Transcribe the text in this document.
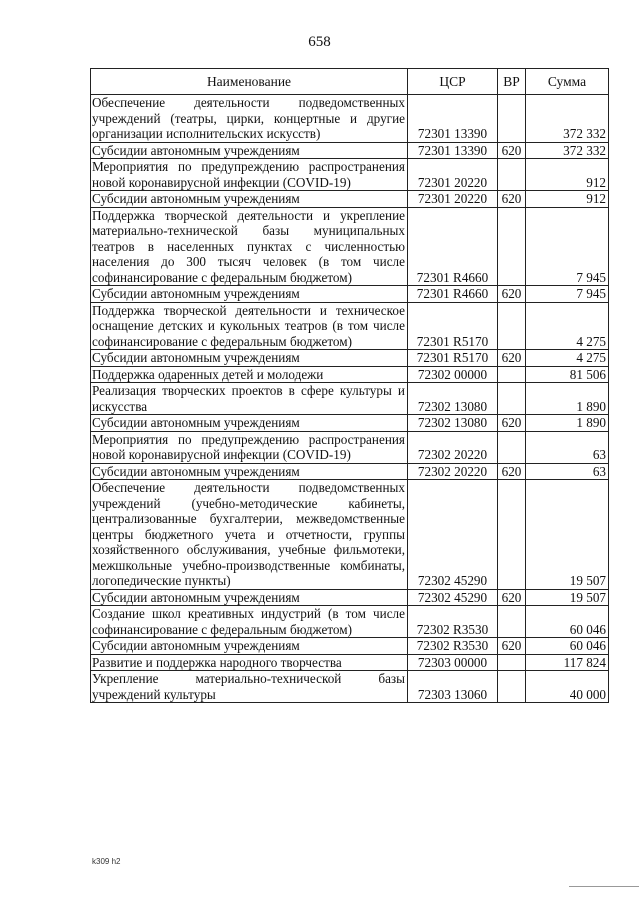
658
Наименование	ЦСР	ВР	Сумма
Обеспечение деятельности подведомственных учреждений (театры, цирки, концертные и другие организации исполнительских искусств)	72301 13390		372 332
Субсидии автономным учреждениям	72301 13390	620	372 332
Мероприятия по предупреждению распространения новой коронавирусной инфекции (COVID-19)	72301 20220		912
Субсидии автономным учреждениям	72301 20220	620	912
Поддержка творческой деятельности и укрепление материально-технической базы муниципальных театров в населенных пунктах с численностью населения до 300 тысяч человек (в том числе софинансирование с федеральным бюджетом)	72301 R4660		7 945
Субсидии автономным учреждениям	72301 R4660	620	7 945
Поддержка творческой деятельности и техническое оснащение детских и кукольных театров (в том числе софинансирование с федеральным бюджетом)	72301 R5170		4 275
Субсидии автономным учреждениям	72301 R5170	620	4 275
Поддержка одаренных детей и молодежи	72302 00000		81 506
Реализация творческих проектов в сфере культуры и искусства	72302 13080		1 890
Субсидии автономным учреждениям	72302 13080	620	1 890
Мероприятия по предупреждению распространения новой коронавирусной инфекции (COVID-19)	72302 20220		63
Субсидии автономным учреждениям	72302 20220	620	63
Обеспечение деятельности подведомственных учреждений (учебно-методические кабинеты, централизованные бухгалтерии, межведомственные центры бюджетного учета и отчетности, группы хозяйственного обслуживания, учебные фильмотеки, межшкольные учебно-производственные комбинаты, логопедические пункты)	72302 45290		19 507
Субсидии автономным учреждениям	72302 45290	620	19 507
Создание школ креативных индустрий (в том числе софинансирование с федеральным бюджетом)	72302 R3530		60 046
Субсидии автономным учреждениям	72302 R3530	620	60 046
Развитие и поддержка народного творчества	72303 00000		117 824
Укрепление материально-технической базы учреждений культуры	72303 13060		40 000
k309 h2
